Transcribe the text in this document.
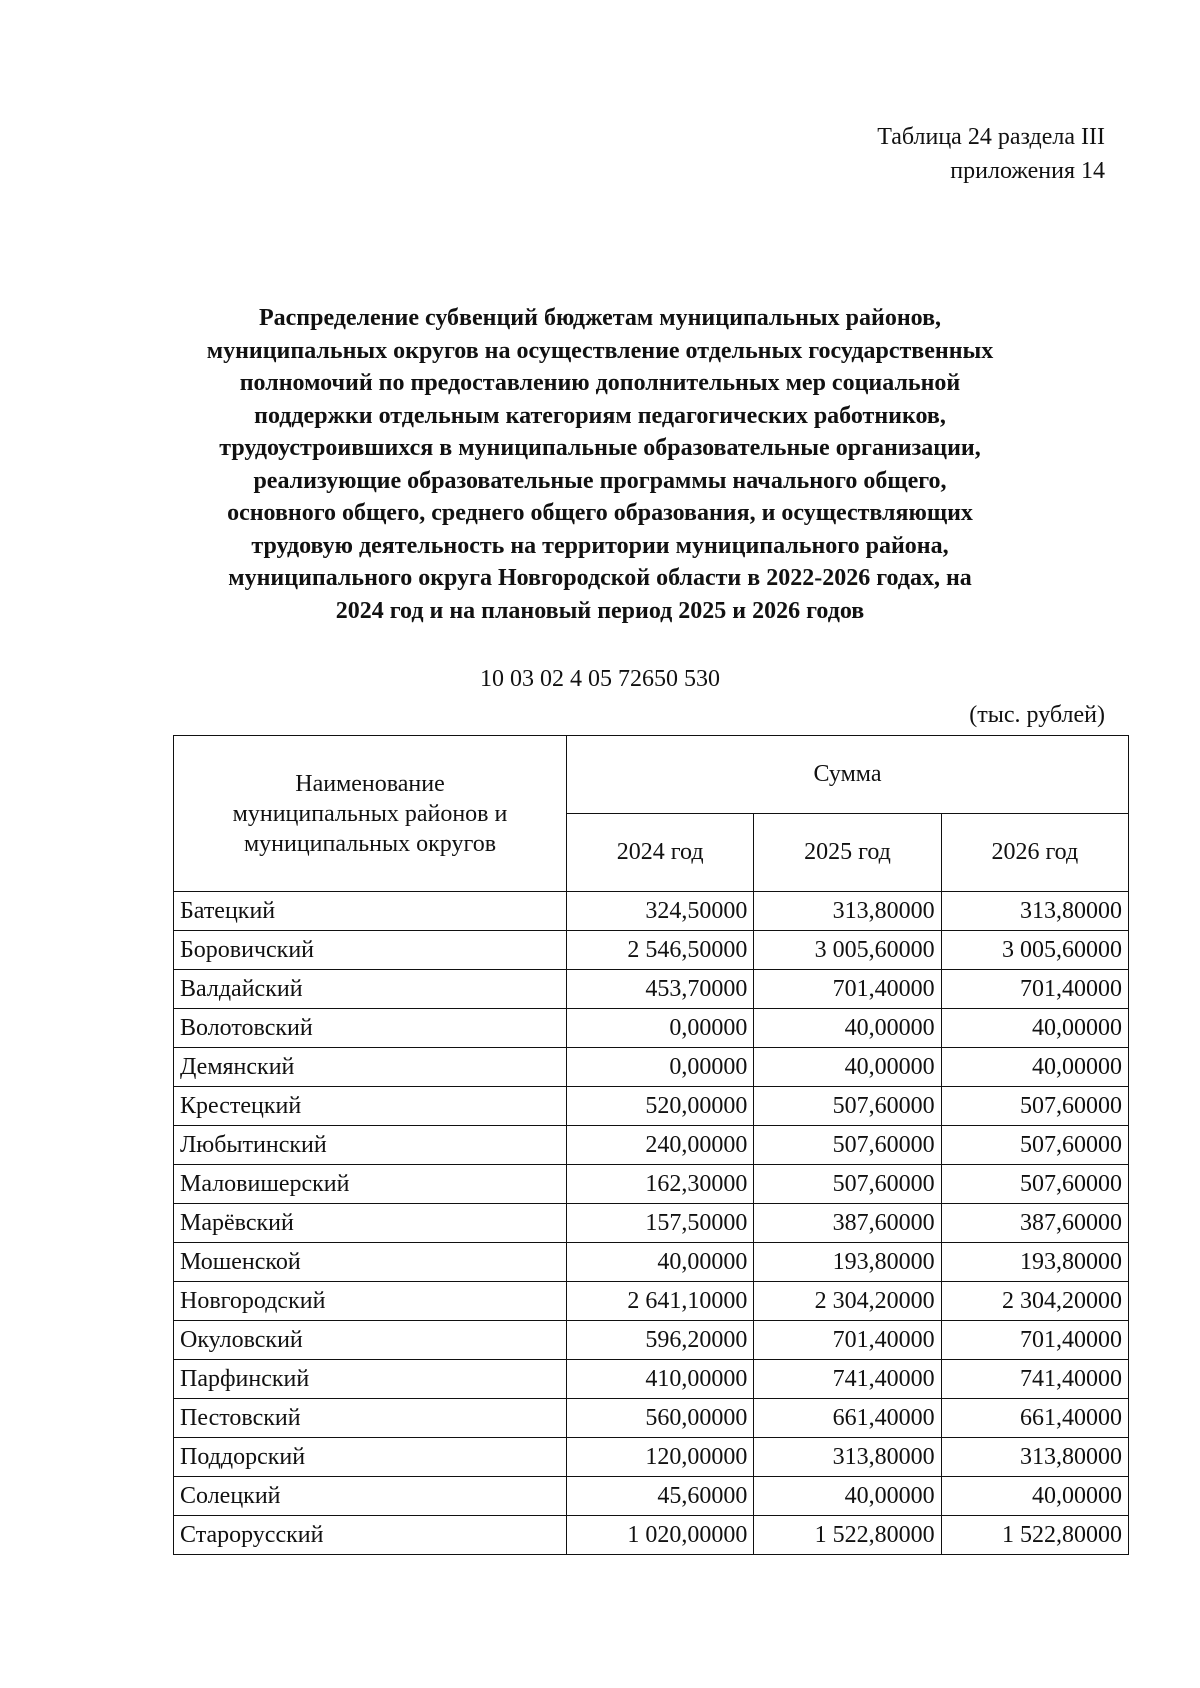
Таблица 24 раздела III
приложения 14
Распределение субвенций бюджетам муниципальных районов,
муниципальных округов на осуществление отдельных государственных
полномочий по предоставлению дополнительных мер социальной
поддержки отдельным категориям педагогических работников,
трудоустроившихся в муниципальные образовательные организации,
реализующие образовательные программы начального общего,
основного общего, среднего общего образования, и осуществляющих
трудовую деятельность на территории муниципального района,
муниципального округа Новгородской области в 2022-2026 годах, на
2024 год и на плановый период 2025 и 2026 годов
10 03 02 4 05 72650 530
(тыс. рублей)
Наименование
муниципальных районов и
муниципальных округов	Сумма		
	2024 год	2025 год	2026 год
Батецкий	324,50000	313,80000	313,80000
Боровичский	2 546,50000	3 005,60000	3 005,60000
Валдайский	453,70000	701,40000	701,40000
Волотовский	0,00000	40,00000	40,00000
Демянский	0,00000	40,00000	40,00000
Крестецкий	520,00000	507,60000	507,60000
Любытинский	240,00000	507,60000	507,60000
Маловишерский	162,30000	507,60000	507,60000
Марёвский	157,50000	387,60000	387,60000
Мошенской	40,00000	193,80000	193,80000
Новгородский	2 641,10000	2 304,20000	2 304,20000
Окуловский	596,20000	701,40000	701,40000
Парфинский	410,00000	741,40000	741,40000
Пестовский	560,00000	661,40000	661,40000
Поддорский	120,00000	313,80000	313,80000
Солецкий	45,60000	40,00000	40,00000
Старорусский	1 020,00000	1 522,80000	1 522,80000
